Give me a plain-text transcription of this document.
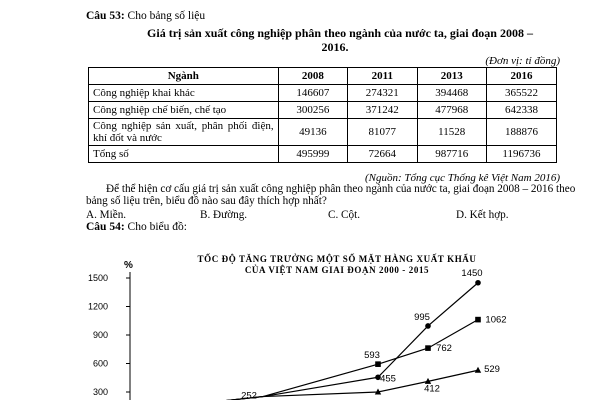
Câu 53: Cho bảng số liệu
Giá trị sản xuất công nghiệp phân theo ngành của nước ta, giai đoạn 2008 –
2016.
(Đơn vị: tỉ đồng)
Ngành	2008	2011	2013	2016
Công nghiệp khai khác	146607	274321	394468	365522
Công nghiệp chế biến, chế tạo	300256	371242	477968	642338
Công nghiệp sản xuất, phân phối điện, khí đốt và nước	49136	81077	11528	188876
Tổng số	495999	72664	987716	1196736
(Nguồn: Tổng cục Thống kê Việt Nam 2016)
Để thể hiện cơ cấu giá trị sản xuất công nghiệp phân theo ngành của nước ta, giai đoạn 2008 – 2016 theo bảng số liệu trên, biểu đồ nào sau đây thích hợp nhất?
A. Miền.	B. Đường.	C. Cột.	D. Kết hợp.
Câu 54: Cho biểu đồ:
%
TỐC ĐỘ TĂNG TRƯỞNG MỘT SỐ MẶT HÀNG XUẤT KHẨU
CỦA VIỆT NAM GIAI ĐOẠN 2000 - 2015
1500
1200
900
600
300	252
455
995
1450
593
762
1062
412
529
